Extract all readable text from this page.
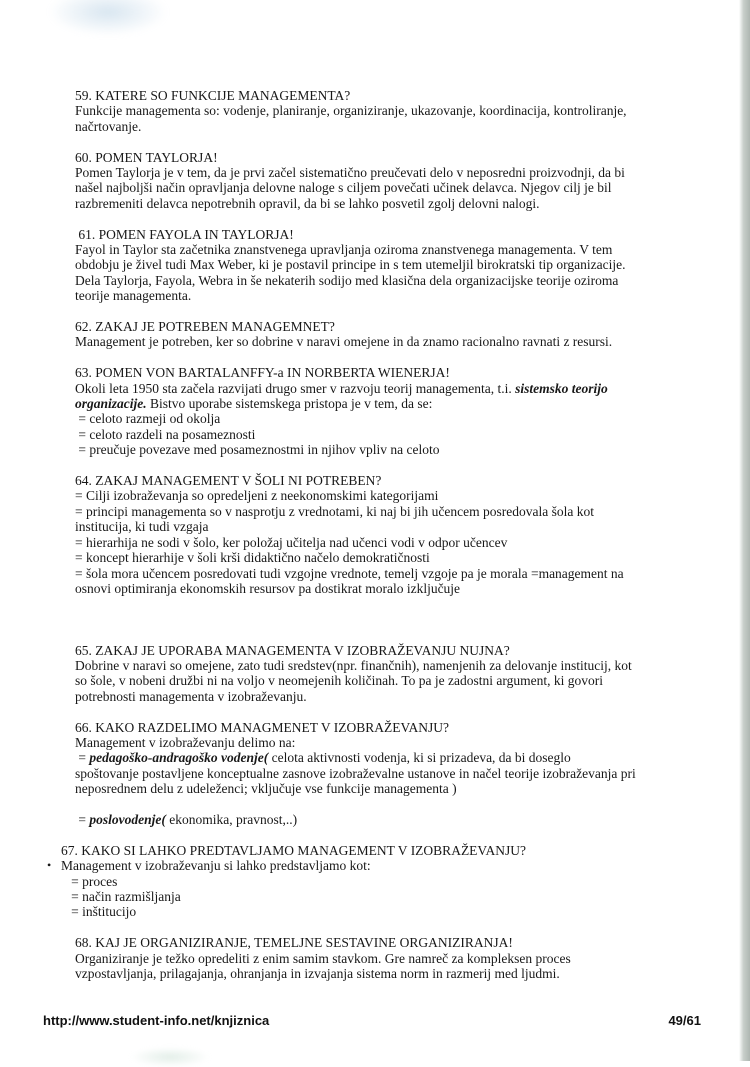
59. KATERE SO FUNKCIJE MANAGEMENTA?

Funkcije managementa so: vodenje, planiranje, organiziranje, ukazovanje, koordinacija, kontroliranje,

načrtovanje.

60. POMEN TAYLORJA!

Pomen Taylorja je v tem, da je prvi začel sistematično preučevati delo v neposredni proizvodnji, da bi

našel najboljši način opravljanja delovne naloge s ciljem povečati učinek delavca. Njegov cilj je bil

razbremeniti delavca nepotrebnih opravil, da bi se lahko posvetil zgolj delovni nalogi.

61. POMEN FAYOLA IN TAYLORJA!

Fayol in Taylor sta začetnika znanstvenega upravljanja oziroma znanstvenega managementa. V tem

obdobju je živel tudi Max Weber, ki je postavil principe in s tem utemeljil birokratski tip organizacije.

Dela Taylorja, Fayola, Webra in še nekaterih sodijo med klasična dela organizacijske teorije oziroma

teorije managementa.

62. ZAKAJ JE POTREBEN MANAGEMNET?

Management je potreben, ker so dobrine v naravi omejene in da znamo racionalno ravnati z resursi.

63. POMEN VON BARTALANFFY-a IN NORBERTA WIENERJA!

Okoli leta 1950 sta začela razvijati drugo smer v razvoju teorij managementa, t.i. sistemsko teorijo

organizacije. Bistvo uporabe sistemskega pristopa je v tem, da se:

= celoto razmeji od okolja

= celoto razdeli na posameznosti

= preučuje povezave med posameznostmi in njihov vpliv na celoto

64. ZAKAJ MANAGEMENT V ŠOLI NI POTREBEN?

= Cilji izobraževanja so opredeljeni z neekonomskimi kategorijami

= principi managementa so v nasprotju z vrednotami, ki naj bi jih učencem posredovala šola kot

institucija, ki tudi vzgaja

= hierarhija ne sodi v šolo, ker položaj učitelja nad učenci vodi v odpor učencev

= koncept hierarhije v šoli krši didaktično načelo demokratičnosti

= šola mora učencem posredovati tudi vzgojne vrednote, temelj vzgoje pa je morala =management na

osnovi optimiranja ekonomskih resursov pa dostikrat moralo izključuje

65. ZAKAJ JE UPORABA MANAGEMENTA V IZOBRAŽEVANJU NUJNA?

Dobrine v naravi so omejene, zato tudi sredstev(npr. finančnih), namenjenih za delovanje institucij, kot

so šole, v nobeni družbi ni na voljo v neomejenih količinah. To pa je zadostni argument, ki govori

potrebnosti managementa v izobraževanju.

66. KAKO RAZDELIMO MANAGMENET V IZOBRAŽEVANJU?

Management v izobraževanju delimo na:

= pedagoško-andragoško vodenje( celota aktivnosti vodenja, ki si prizadeva, da bi doseglo

spoštovanje postavljene konceptualne zasnove izobraževalne ustanove in načel teorije izobraževanja pri

neposrednem delu z udeleženci; vključuje vse funkcije managementa )

= poslovodenje( ekonomika, pravnost,..)

67. KAKO SI LAHKO PREDTAVLJAMO MANAGEMENT V IZOBRAŽEVANJU?

• Management v izobraževanju si lahko predstavljamo kot:

= proces

= način razmišljanja

= inštitucijo

68. KAJ JE ORGANIZIRANJE, TEMELJNE SESTAVINE ORGANIZIRANJA!

Organiziranje je težko opredeliti z enim samim stavkom. Gre namreč za kompleksen proces

vzpostavljanja, prilagajanja, ohranjanja in izvajanja sistema norm in razmerij med ljudmi.

http://www.student-info.net/knjiznica	49/61
